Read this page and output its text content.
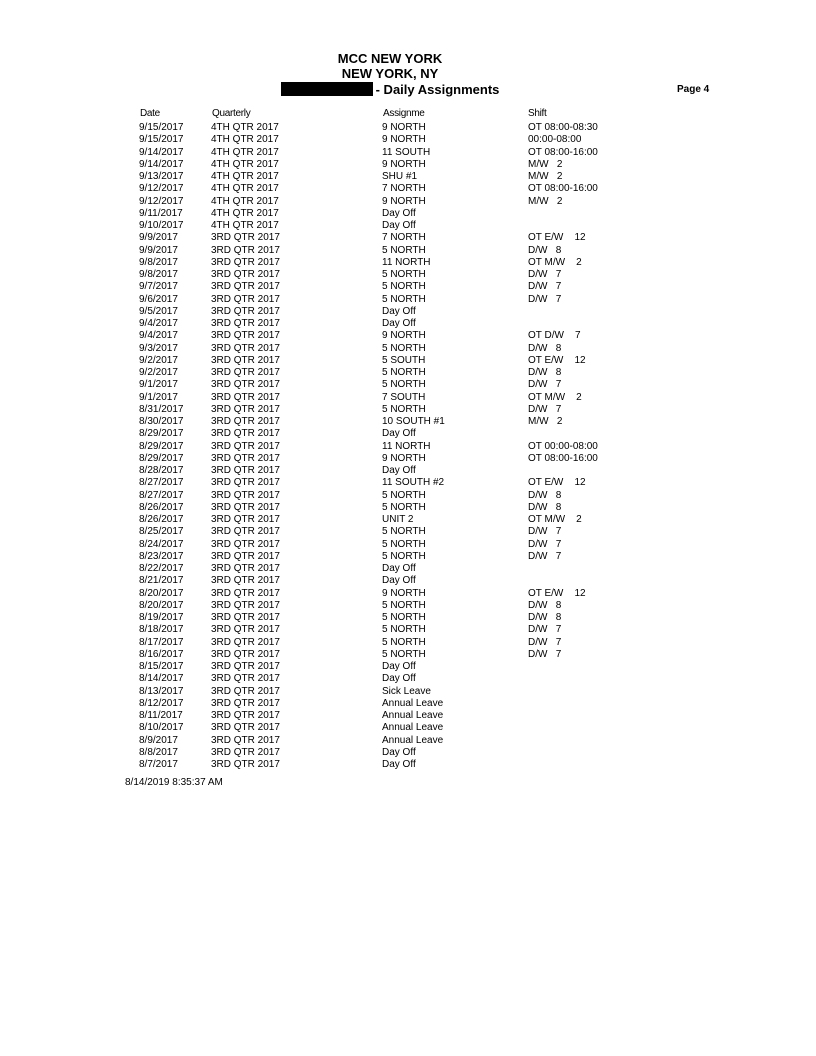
MCC NEW YORK
NEW YORK, NY
- Daily Assignments	Page 4
Date	Quarterly	Assignme	Shift
9/15/2017	4TH QTR 2017	9 NORTH	OT 08:00-08:30
9/15/2017	4TH QTR 2017	9 NORTH	00:00-08:00
9/14/2017	4TH QTR 2017	11 SOUTH	OT 08:00-16:00
9/14/2017	4TH QTR 2017	9 NORTH	M/W   2
9/13/2017	4TH QTR 2017	SHU #1	M/W   2
9/12/2017	4TH QTR 2017	7 NORTH	OT 08:00-16:00
9/12/2017	4TH QTR 2017	9 NORTH	M/W   2
9/11/2017	4TH QTR 2017	Day Off
9/10/2017	4TH QTR 2017	Day Off
9/9/2017	3RD QTR 2017	7 NORTH	OT E/W    12
9/9/2017	3RD QTR 2017	5 NORTH	D/W   8
9/8/2017	3RD QTR 2017	11 NORTH	OT M/W    2
9/8/2017	3RD QTR 2017	5 NORTH	D/W   7
9/7/2017	3RD QTR 2017	5 NORTH	D/W   7
9/6/2017	3RD QTR 2017	5 NORTH	D/W   7
9/5/2017	3RD QTR 2017	Day Off
9/4/2017	3RD QTR 2017	Day Off
9/4/2017	3RD QTR 2017	9 NORTH	OT D/W    7
9/3/2017	3RD QTR 2017	5 NORTH	D/W   8
9/2/2017	3RD QTR 2017	5 SOUTH	OT E/W    12
9/2/2017	3RD QTR 2017	5 NORTH	D/W   8
9/1/2017	3RD QTR 2017	5 NORTH	D/W   7
9/1/2017	3RD QTR 2017	7 SOUTH	OT M/W    2
8/31/2017	3RD QTR 2017	5 NORTH	D/W   7
8/30/2017	3RD QTR 2017	10 SOUTH #1	M/W   2
8/29/2017	3RD QTR 2017	Day Off
8/29/2017	3RD QTR 2017	11 NORTH	OT 00:00-08:00
8/29/2017	3RD QTR 2017	9 NORTH	OT 08:00-16:00
8/28/2017	3RD QTR 2017	Day Off
8/27/2017	3RD QTR 2017	11 SOUTH #2	OT E/W    12
8/27/2017	3RD QTR 2017	5 NORTH	D/W   8
8/26/2017	3RD QTR 2017	5 NORTH	D/W   8
8/26/2017	3RD QTR 2017	UNIT 2	OT M/W    2
8/25/2017	3RD QTR 2017	5 NORTH	D/W   7
8/24/2017	3RD QTR 2017	5 NORTH	D/W   7
8/23/2017	3RD QTR 2017	5 NORTH	D/W   7
8/22/2017	3RD QTR 2017	Day Off
8/21/2017	3RD QTR 2017	Day Off
8/20/2017	3RD QTR 2017	9 NORTH	OT E/W    12
8/20/2017	3RD QTR 2017	5 NORTH	D/W   8
8/19/2017	3RD QTR 2017	5 NORTH	D/W   8
8/18/2017	3RD QTR 2017	5 NORTH	D/W   7
8/17/2017	3RD QTR 2017	5 NORTH	D/W   7
8/16/2017	3RD QTR 2017	5 NORTH	D/W   7
8/15/2017	3RD QTR 2017	Day Off
8/14/2017	3RD QTR 2017	Day Off
8/13/2017	3RD QTR 2017	Sick Leave
8/12/2017	3RD QTR 2017	Annual Leave
8/11/2017	3RD QTR 2017	Annual Leave
8/10/2017	3RD QTR 2017	Annual Leave
8/9/2017	3RD QTR 2017	Annual Leave
8/8/2017	3RD QTR 2017	Day Off
8/7/2017	3RD QTR 2017	Day Off
8/14/2019 8:35:37 AM
